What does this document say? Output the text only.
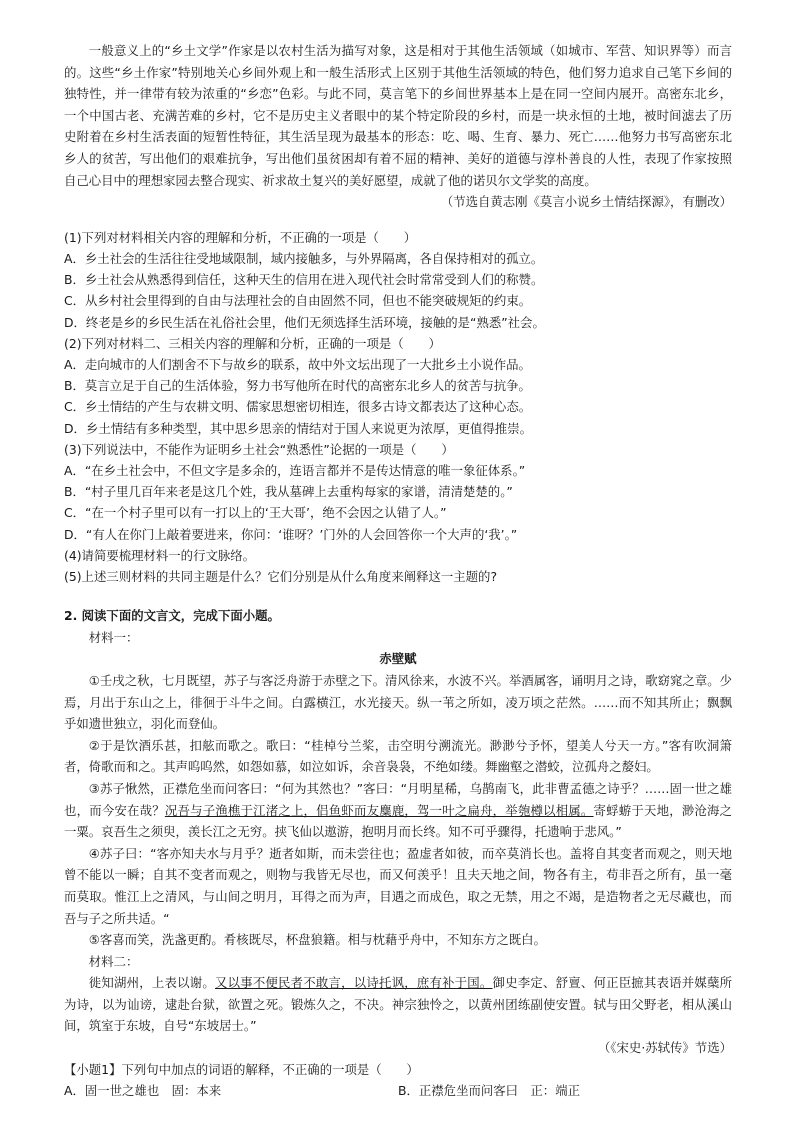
一般意义上的“乡土文学”作家是以农村生活为描写对象，这是相对于其他生活领域（如城市、军营、知识界等）而言的。这些“乡土作家”特别地关心乡间外观上和一般生活形式上区别于其他生活领域的特色，他们努力追求自己笔下乡间的独特性，并一律带有较为浓重的“乡恋”色彩。与此不同，莫言笔下的乡间世界基本上是在同一空间内展开。高密东北乡，一个中国古老、充满苦难的乡村，它不是历史主义者眼中的某个特定阶段的乡村，而是一块永恒的土地，被时间滤去了历史附着在乡村生活表面的短暂性特征，其生活呈现为最基本的形态：吃、喝、生育、暴力、死亡……他努力书写高密东北乡人的贫苦，写出他们的艰难抗争，写出他们虽贫困却有着不屈的精神、美好的道德与淳朴善良的人性，表现了作家按照自己心目中的理想家园去整合现实、祈求故土复兴的美好愿望，成就了他的诺贝尔文学奖的高度。

（节选自黄志刚《莫言小说乡土情结探源》，有删改）

(1)下列对材料相关内容的理解和分析，不正确的一项是（　　）

A．乡土社会的生活往往受地域限制，域内接触多，与外界隔离，各自保持相对的孤立。

B．乡土社会从熟悉得到信任，这种天生的信用在进入现代社会时常常受到人们的称赞。

C．从乡村社会里得到的自由与法理社会的自由固然不同，但也不能突破规矩的约束。

D．终老是乡的乡民生活在礼俗社会里，他们无须选择生活环境，接触的是“熟悉”社会。

(2)下列对材料二、三相关内容的理解和分析，正确的一项是（　　）

A．走向城市的人们割舍不下与故乡的联系，故中外文坛出现了一大批乡土小说作品。

B．莫言立足于自己的生活体验，努力书写他所在时代的高密东北乡人的贫苦与抗争。

C．乡土情结的产生与农耕文明、儒家思想密切相连，很多古诗文都表达了这种心态。

D．乡土情结有多种类型，其中思乡思亲的情结对于国人来说更为浓厚，更值得推崇。

(3)下列说法中，不能作为证明乡土社会“熟悉性”论据的一项是（　　）

A．“在乡土社会中，不但文字是多余的，连语言都并不是传达情意的唯一象征体系。”

B．“村子里几百年来老是这几个姓，我从墓碑上去重构每家的家谱，清清楚楚的。”

C．“在一个村子里可以有一打以上的‘王大哥’，绝不会因之认错了人。”

D．“有人在你门上敲着要进来，你问：‘谁呀？’门外的人会回答你一个大声的‘我’。”

(4)请简要梳理材料一的行文脉络。

(5)上述三则材料的共同主题是什么？它们分别是从什么角度来阐释这一主题的?

2. 阅读下面的文言文，完成下面小题。

材料一：

赤壁赋

①壬戌之秋，七月既望，苏子与客泛舟游于赤壁之下。清风徐来，水波不兴。举酒属客，诵明月之诗，歌窈窕之章。少焉，月出于东山之上，徘徊于斗牛之间。白露横江，水光接天。纵一苇之所如，凌万顷之茫然。……而不知其所止；飘飘乎如遗世独立，羽化而登仙。

②于是饮酒乐甚，扣舷而歌之。歌曰：“桂棹兮兰桨，击空明兮溯流光。渺渺兮予怀，望美人兮天一方。”客有吹洞箫者，倚歌而和之。其声呜呜然，如怨如慕，如泣如诉，余音袅袅，不绝如缕。舞幽壑之潜蛟，泣孤舟之嫠妇。

③苏子愀然，正襟危坐而问客曰：“何为其然也？”客曰：“月明星稀，乌鹊南飞，此非曹孟德之诗乎？……固一世之雄也，而今安在哉？况吾与子渔樵于江渚之上，侣鱼虾而友麋鹿，驾一叶之扁舟，举匏樽以相属。寄蜉蝣于天地，渺沧海之一粟。哀吾生之须臾，羡长江之无穷。挟飞仙以遨游，抱明月而长终。知不可乎骤得，托遗响于悲风。”

④苏子曰：“客亦知夫水与月乎？逝者如斯，而未尝往也；盈虚者如彼，而卒莫消长也。盖将自其变者而观之，则天地曾不能以一瞬；自其不变者而观之，则物与我皆无尽也，而又何羡乎！且夫天地之间，物各有主，苟非吾之所有，虽一毫而莫取。惟江上之清风，与山间之明月，耳得之而为声，目遇之而成色，取之无禁，用之不竭，是造物者之无尽藏也，而吾与子之所共适。“

⑤客喜而笑，洗盏更酌。肴核既尽，杯盘狼籍。相与枕藉乎舟中，不知东方之既白。

材料二：

徙知湖州，上表以谢。又以事不便民者不敢言，以诗托讽，庶有补于国。御史李定、舒亶、何正臣摭其表语并媒蘖所为诗，以为讪谤，逮赴台狱，欲置之死。锻炼久之，不决。神宗独怜之，以黄州团练副使安置。轼与田父野老，相从溪山间，筑室于东坡，自号“东坡居士。”

（《宋史·苏轼传》节选）

【小题1】下列句中加点的词语的解释，不正确的一项是（　　）

A．固一世之雄也　固：本来	B．正襟危坐而问客曰　正：端正
